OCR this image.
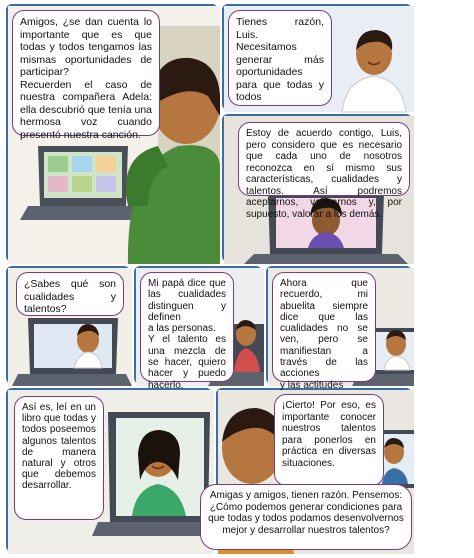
Amigos, ¿se dan cuenta lo importante que es que todas y todos tengamos las mismas oportunidades de participar?
Recuerden el caso de nuestra compañera Adela: ella descubrió que tenía una hermosa voz cuando presentó nuestra canción.
Tienes razón, Luis.
Necesitamos generar más oportunidades para que todas y todos
Estoy de acuerdo contigo, Luis, pero considero que es necesario que cada uno de nosotros reconozca en sí mismo sus características, cualidades y talentos. Así podremos aceptarnos, valorarnos y, por supuesto, valorar a los demás.
¿Sabes qué son cualidades y talentos?
Mi papá dice que las cualidades distinguen y definen
a las personas.
Y el talento es una mezcla de se hacer, quiero hacer y puedo hacerlo.
Ahora que recuerdo, mi abuelita siempre dice que las cualidades no se ven, pero se manifiestan a través de las acciones
y las actitudes
Así es, leí en un libro que todas y todos poseemos algunos talentos de manera natural y otros que debemos desarrollar.
¡Cierto! Por eso, es importante conocer nuestros talentos para ponerlos en práctica en diversas situaciones.
Amigas y amigos, tienen razón. Pensemos:
¿Cómo podemos generar condiciones para que todas y todos podamos desenvolvernos mejor y desarrollar nuestros talentos?
